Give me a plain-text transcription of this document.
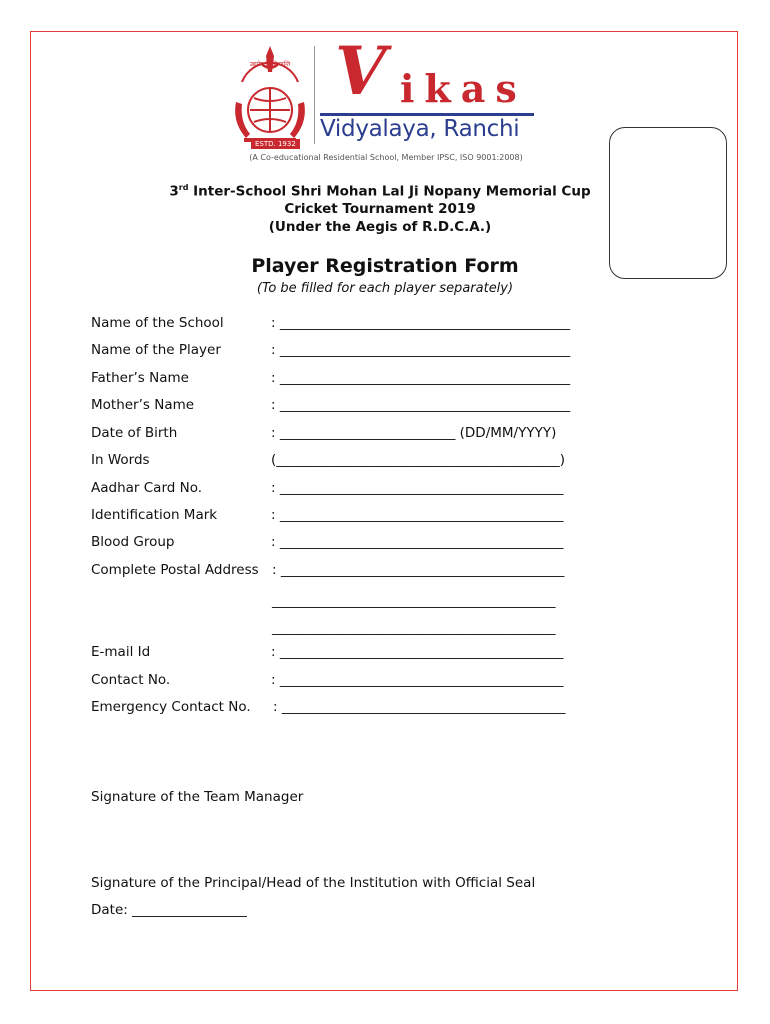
उद्यमेन हि सिध्यन्ति
ESTD. 1932
V ikas
Vidyalaya, Ranchi
(A Co-educational Residential School, Member IPSC, ISO 9001:2008)
3rd Inter-School Shri Mohan Lal Ji Nopany Memorial Cup
Cricket Tournament 2019
(Under the Aegis of R.D.C.A.)
Player Registration Form
(To be filled for each player separately)
Name of the School	: ___________________________________________
Name of the Player	: ___________________________________________
Father’s Name	: ___________________________________________
Mother’s Name	: ___________________________________________
Date of Birth	: __________________________ (DD/MM/YYYY)
In Words	(__________________________________________)
Aadhar Card No.	: __________________________________________
Identification Mark	: __________________________________________
Blood Group	: __________________________________________
Complete Postal Address : __________________________________________
__________________________________________
__________________________________________
E-mail Id	: __________________________________________
Contact No.	: __________________________________________
Emergency Contact No. : __________________________________________
Signature of the Team Manager
Signature of the Principal/Head of the Institution with Official Seal
Date: _________________
